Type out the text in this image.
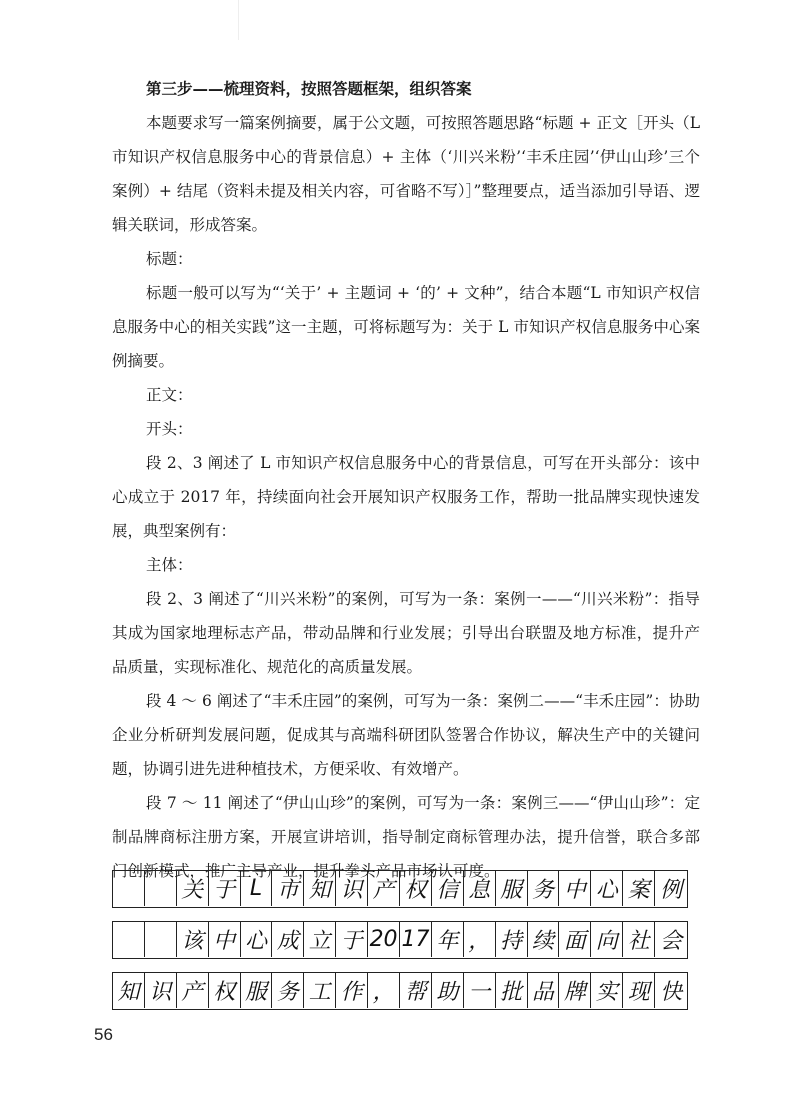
第三步——梳理资料，按照答题框架，组织答案

本题要求写一篇案例摘要，属于公文题，可按照答题思路“标题 + 正文［开头（L 市知识产权信息服务中心的背景信息）+ 主体（‘川兴米粉’‘丰禾庄园’‘伊山山珍’三个案例）+ 结尾（资料未提及相关内容，可省略不写）］”整理要点，适当添加引导语、逻辑关联词，形成答案。

标题：

标题一般可以写为“‘关于’ + 主题词 + ‘的’ + 文种”，结合本题“L 市知识产权信息服务中心的相关实践”这一主题，可将标题写为：关于 L 市知识产权信息服务中心案例摘要。

正文：

开头：

段 2、3 阐述了 L 市知识产权信息服务中心的背景信息，可写在开头部分：该中心成立于 2017 年，持续面向社会开展知识产权服务工作，帮助一批品牌实现快速发展，典型案例有：

主体：

段 2、3 阐述了“川兴米粉”的案例，可写为一条：案例一——“川兴米粉”：指导其成为国家地理标志产品，带动品牌和行业发展；引导出台联盟及地方标准，提升产品质量，实现标准化、规范化的高质量发展。

段 4 ～ 6 阐述了“丰禾庄园”的案例，可写为一条：案例二——“丰禾庄园”：协助企业分析研判发展问题，促成其与高端科研团队签署合作协议，解决生产中的关键问题，协调引进先进种植技术，方便采收、有效增产。

段 7 ～ 11 阐述了“伊山山珍”的案例，可写为一条：案例三——“伊山山珍”：定制品牌商标注册方案，开展宣讲培训，指导制定商标管理办法，提升信誉，联合多部门创新模式，推广主导产业，提升拳头产品市场认可度。

关 于 L 市 知 识 产 权 信 息 服 务 中 心 案 例
该 中 心 成 立 于 20 17 年 ， 持 续 面 向 社 会
知 识 产 权 服 务 工 作 ， 帮 助 一 批 品 牌 实 现 快
56
